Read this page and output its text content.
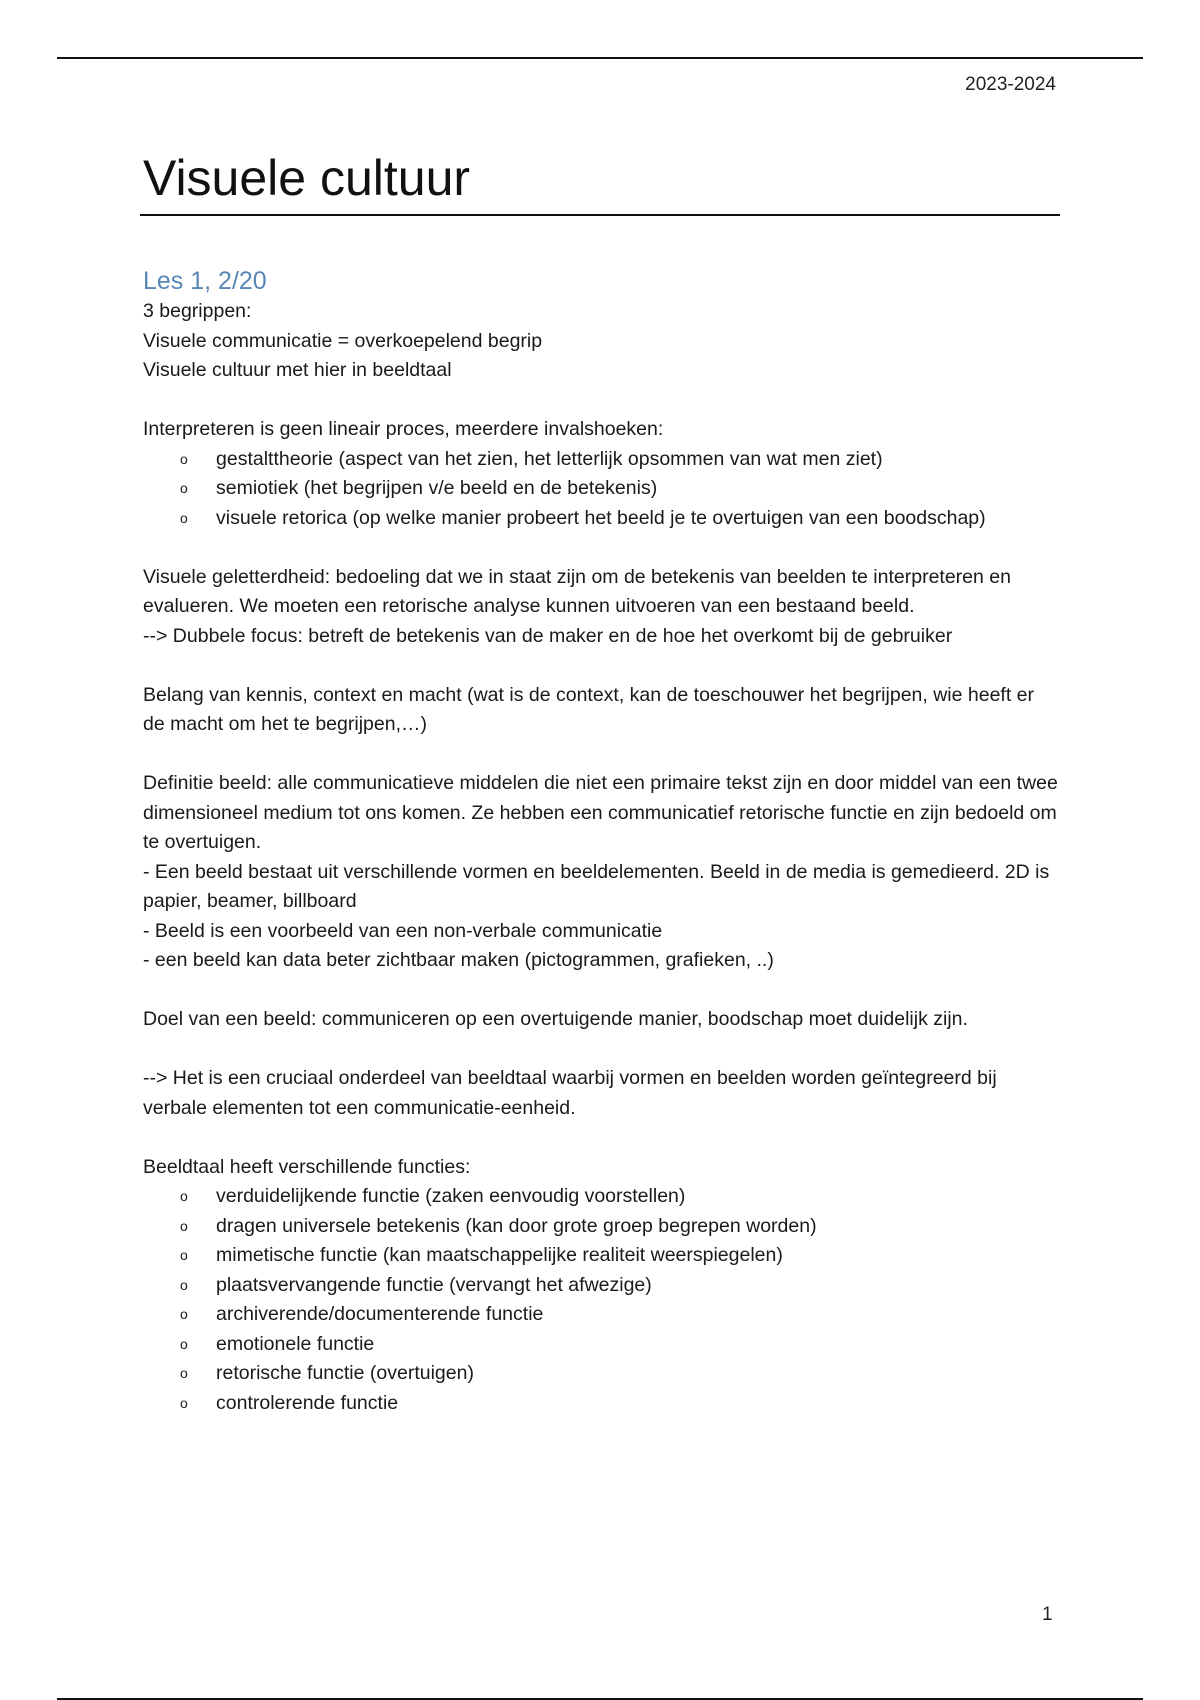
2023-2024
Visuele cultuur
Les 1, 2/20

3 begrippen:

Visuele communicatie = overkoepelend begrip

Visuele cultuur met hier in beeldtaal

Interpreteren is geen lineair proces, meerdere invalshoeken:

o gestalttheorie (aspect van het zien, het letterlijk opsommen van wat men ziet)
o semiotiek (het begrijpen v/e beeld en de betekenis)
o visuele retorica (op welke manier probeert het beeld je te overtuigen van een boodschap)

Visuele geletterdheid: bedoeling dat we in staat zijn om de betekenis van beelden te interpreteren en evalueren. We moeten een retorische analyse kunnen uitvoeren van een bestaand beeld.

--> Dubbele focus: betreft de betekenis van de maker en de hoe het overkomt bij de gebruiker

Belang van kennis, context en macht (wat is de context, kan de toeschouwer het begrijpen, wie heeft er de macht om het te begrijpen,…)

Definitie beeld: alle communicatieve middelen die niet een primaire tekst zijn en door middel van een twee dimensioneel medium tot ons komen. Ze hebben een communicatief retorische functie en zijn bedoeld om te overtuigen.

- Een beeld bestaat uit verschillende vormen en beeldelementen. Beeld in de media is gemedieerd. 2D is papier, beamer, billboard

- Beeld is een voorbeeld van een non-verbale communicatie

- een beeld kan data beter zichtbaar maken (pictogrammen, grafieken, ..)

Doel van een beeld: communiceren op een overtuigende manier, boodschap moet duidelijk zijn.

--> Het is een cruciaal onderdeel van beeldtaal waarbij vormen en beelden worden geïntegreerd bij verbale elementen tot een communicatie-eenheid.

Beeldtaal heeft verschillende functies:

o verduidelijkende functie (zaken eenvoudig voorstellen)
o dragen universele betekenis (kan door grote groep begrepen worden)
o mimetische functie (kan maatschappelijke realiteit weerspiegelen)
o plaatsvervangende functie (vervangt het afwezige)
o archiverende/documenterende functie
o emotionele functie
o retorische functie (overtuigen)
o controlerende functie
1
